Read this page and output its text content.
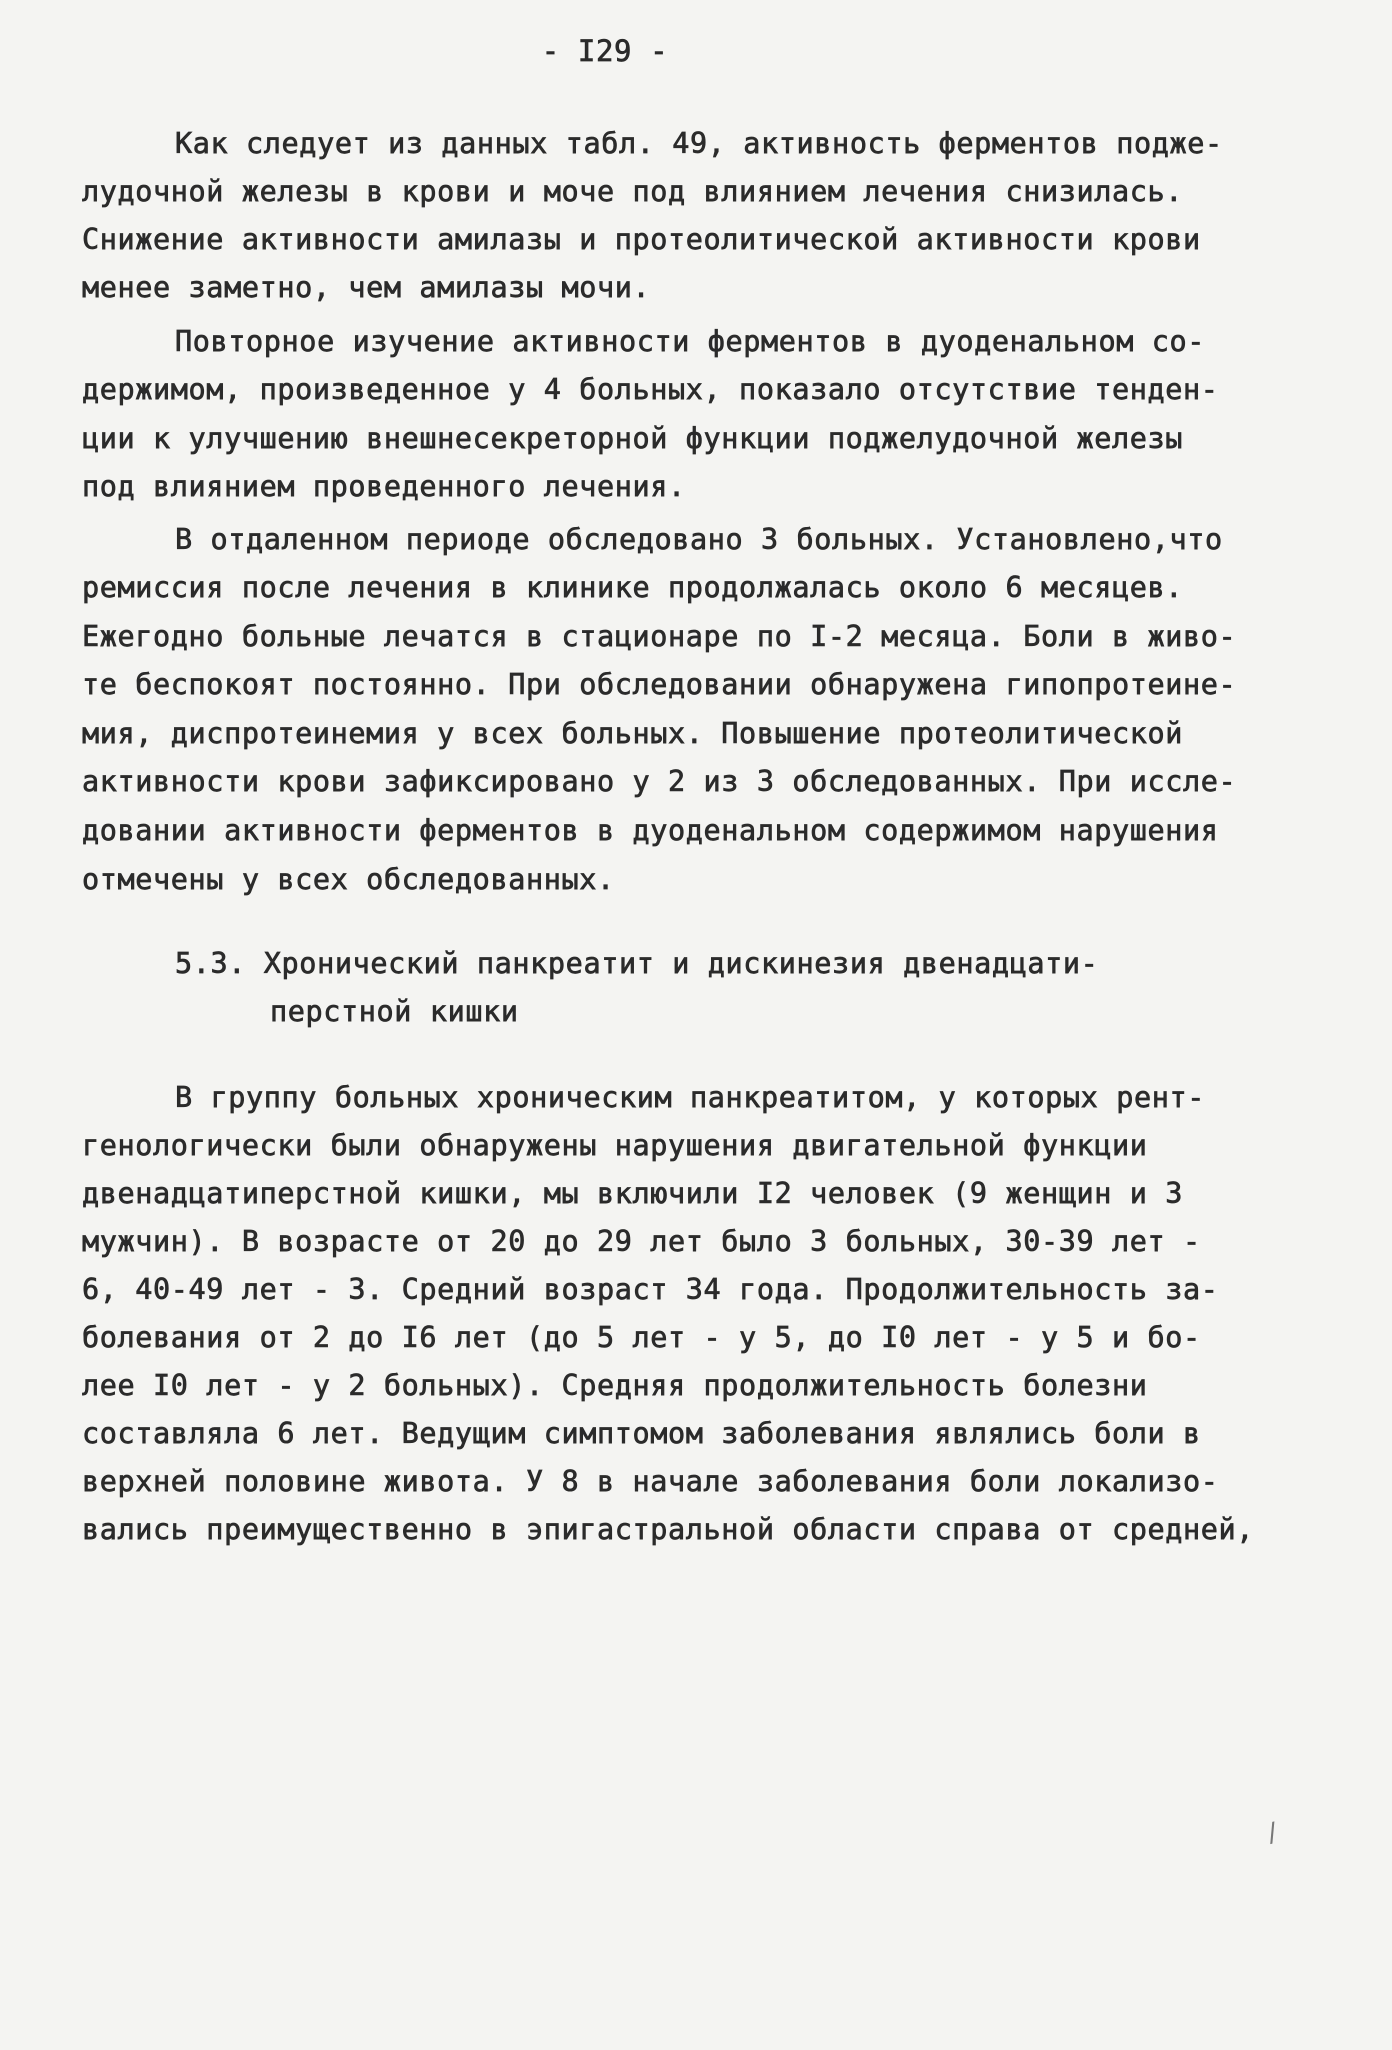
- I29 -
Как следует из данных табл. 49, активность ферментов подже-
лудочной железы в крови и моче под влиянием лечения снизилась.
Снижение активности амилазы и протеолитической активности крови
менее заметно, чем амилазы мочи.
Повторное изучение активности ферментов в дуоденальном со-
держимом, произведенное у 4 больных, показало отсутствие тенден-
ции к улучшению внешнесекреторной функции поджелудочной железы
под влиянием проведенного лечения.
В отдаленном периоде обследовано 3 больных. Установлено,что
ремиссия после лечения в клинике продолжалась около 6 месяцев.
Ежегодно больные лечатся в стационаре по I-2 месяца. Боли в живо-
те беспокоят постоянно. При обследовании обнаружена гипопротеине-
мия, диспротеинемия у всех больных. Повышение протеолитической
активности крови зафиксировано у 2 из 3 обследованных. При иссле-
довании активности ферментов в дуоденальном содержимом нарушения
отмечены у всех обследованных.
5.3. Хронический панкреатит и дискинезия двенадцати-
перстной кишки
В группу больных хроническим панкреатитом, у которых рент-
генологически были обнаружены нарушения двигательной функции
двенадцатиперстной кишки, мы включили I2 человек (9 женщин и 3
мужчин). В возрасте от 20 до 29 лет было 3 больных, 30-39 лет -
6, 40-49 лет - 3. Средний возраст 34 года. Продолжительность за-
болевания от 2 до I6 лет (до 5 лет - у 5, до I0 лет - у 5 и бо-
лее I0 лет - у 2 больных). Средняя продолжительность болезни
составляла 6 лет. Ведущим симптомом заболевания являлись боли в
верхней половине живота. У 8 в начале заболевания боли локализо-
вались преимущественно в эпигастральной области справа от средней,
/
